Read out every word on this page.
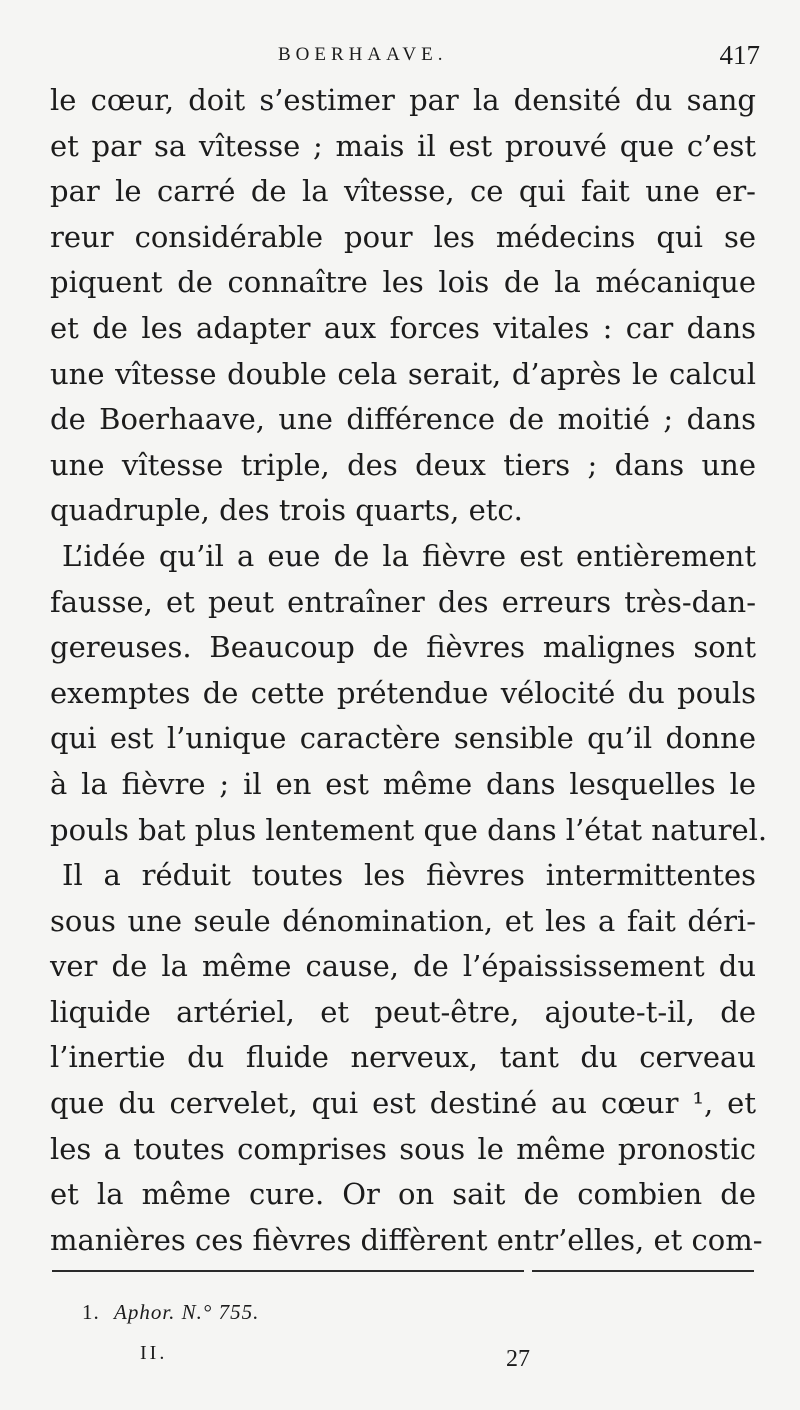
BOERHAAVE.	417
le cœur, doit s’estimer par la densité du sang
et par sa vîtesse ; mais il est prouvé que c’est
par le carré de la vîtesse, ce qui fait une er-
reur considérable pour les médecins qui se
piquent de connaître les lois de la mécanique
et de les adapter aux forces vitales : car dans
une vîtesse double cela serait, d’après le calcul
de Boerhaave, une différence de moitié ; dans
une vîtesse triple, des deux tiers ; dans une
quadruple, des trois quarts, etc.
L’idée qu’il a eue de la fièvre est entièrement
fausse, et peut entraîner des erreurs très-dan-
gereuses. Beaucoup de fièvres malignes sont
exemptes de cette prétendue vélocité du pouls
qui est l’unique caractère sensible qu’il donne
à la fièvre ; il en est même dans lesquelles le
pouls bat plus lentement que dans l’état naturel.
Il a réduit toutes les fièvres intermittentes
sous une seule dénomination, et les a fait déri-
ver de la même cause, de l’épaississement du
liquide artériel, et peut-être, ajoute-t-il, de
l’inertie du fluide nerveux, tant du cerveau
que du cervelet, qui est destiné au cœur ¹, et
les a toutes comprises sous le même pronostic
et la même cure. Or on sait de combien de
manières ces fièvres diffèrent entr’elles, et com-
1. Aphor. N.° 755.
II.	27
